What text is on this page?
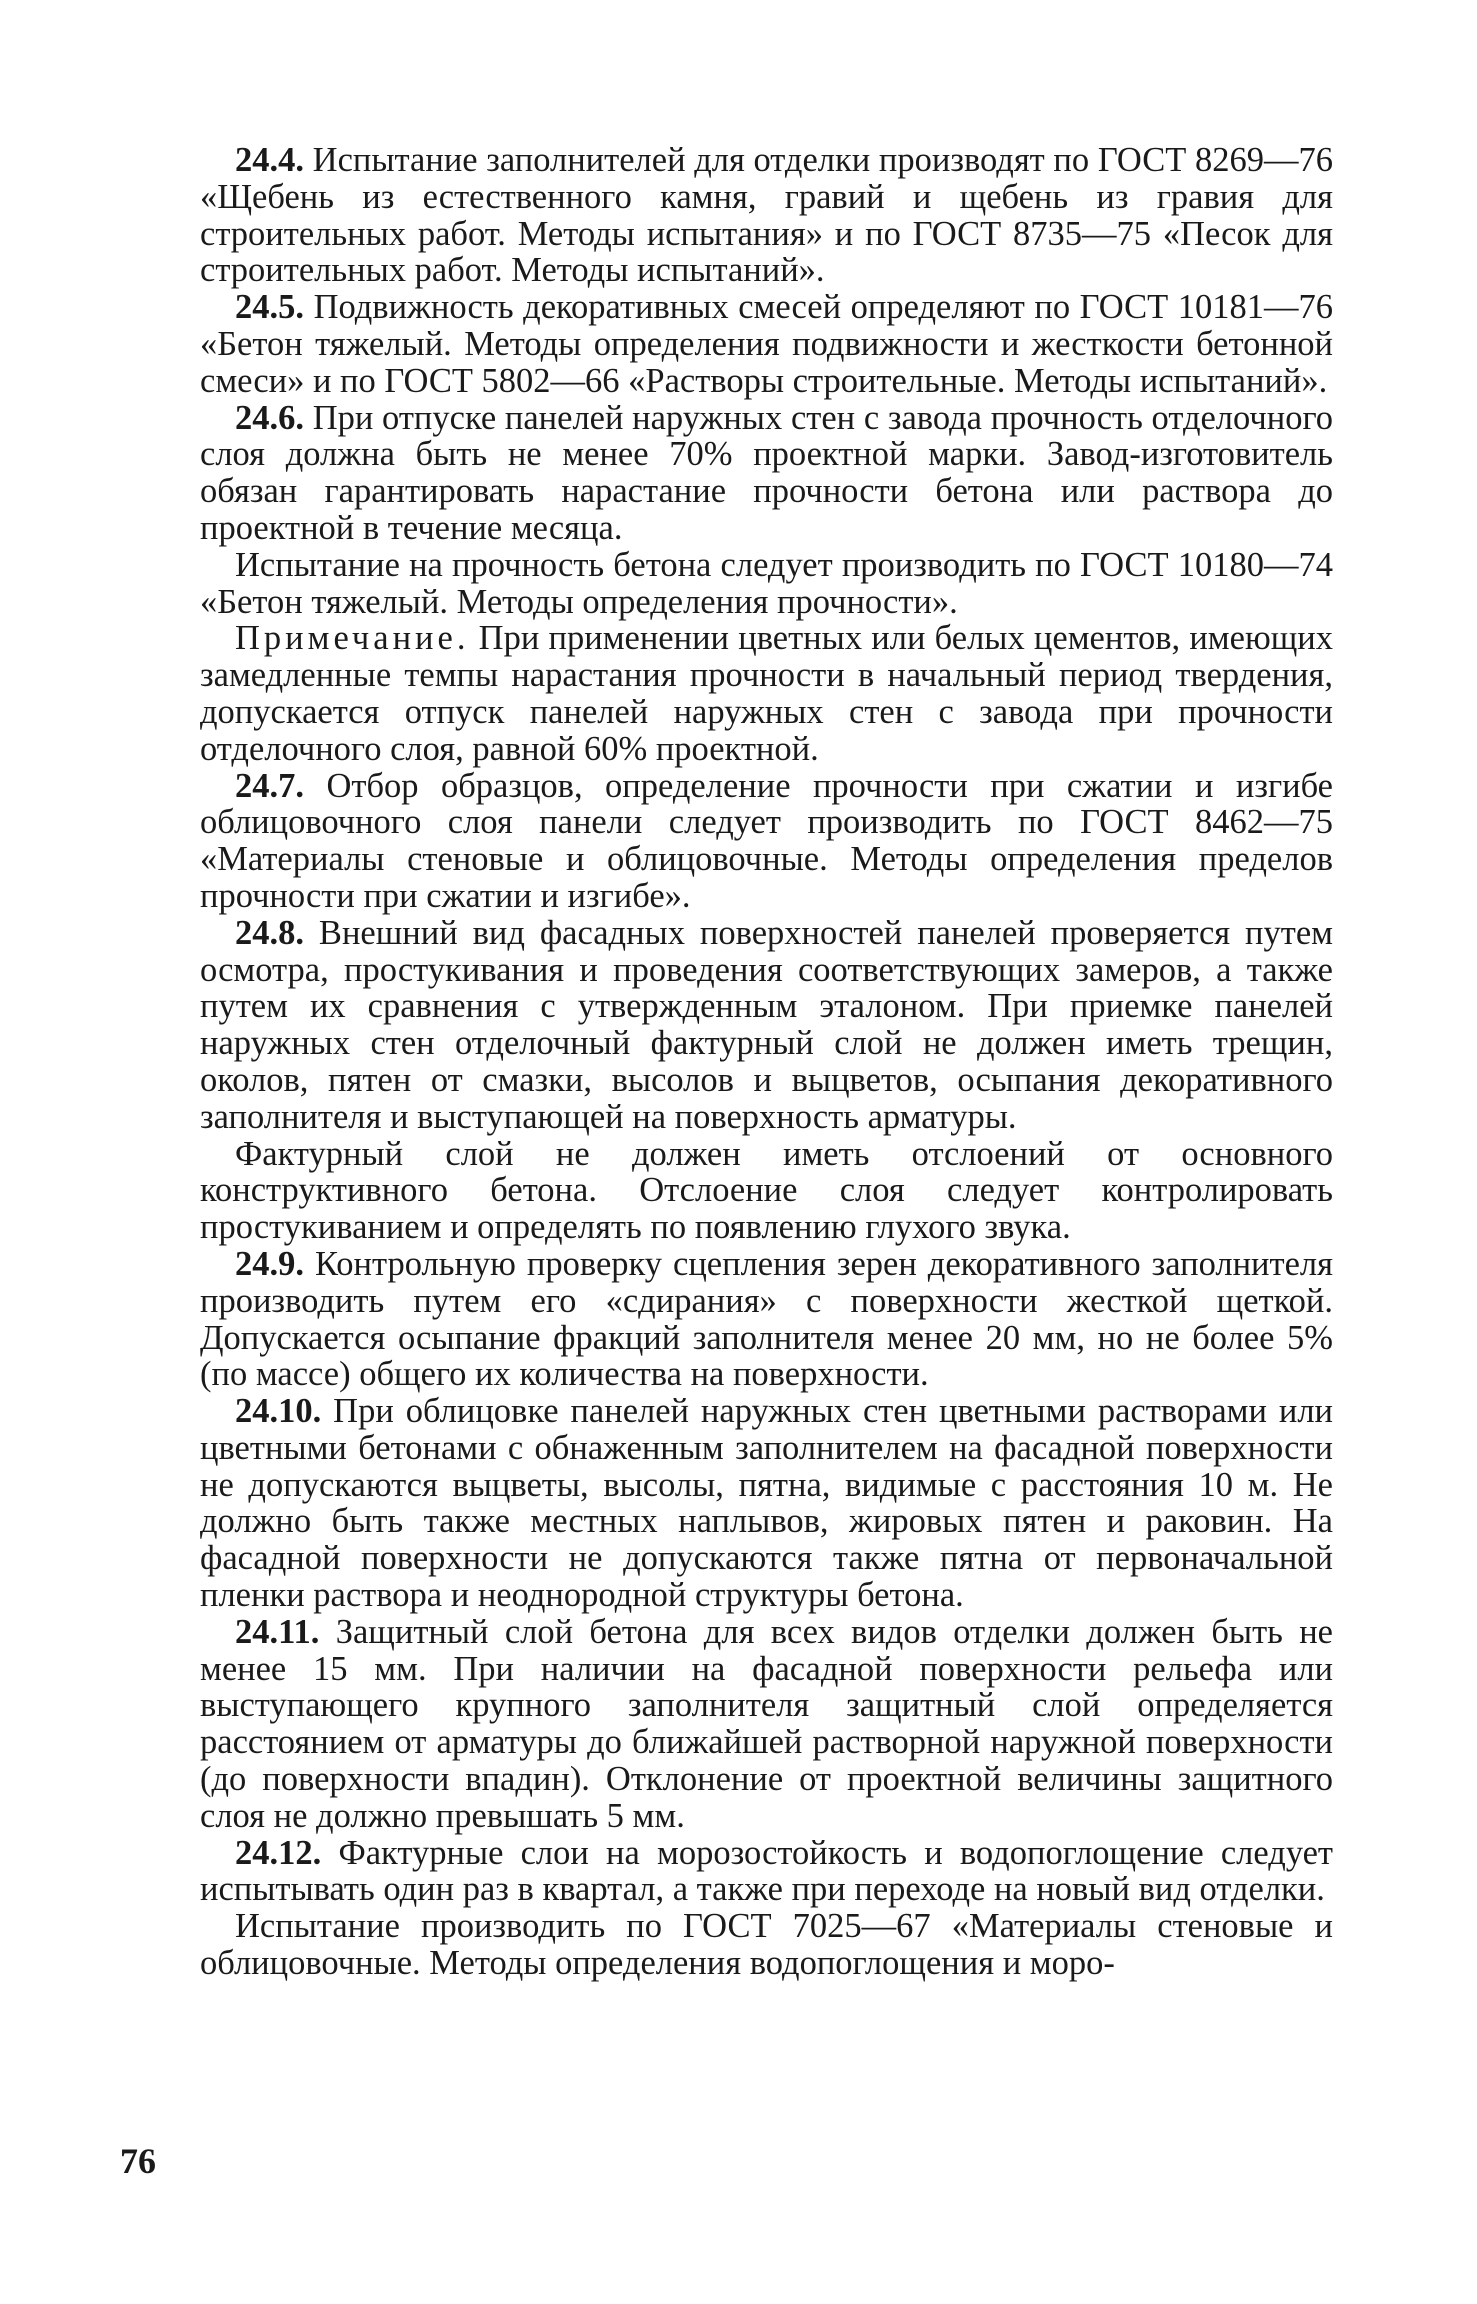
24.4. Испытание заполнителей для отделки производят по ГОСТ 8269—76 «Щебень из естественного камня, гравий и щебень из гравия для строительных работ. Методы испытания» и по ГОСТ 8735—75 «Песок для строительных работ. Методы испытаний».

24.5. Подвижность декоративных смесей определяют по ГОСТ 10181—76 «Бетон тяжелый. Методы определения подвижности и жесткости бетонной смеси» и по ГОСТ 5802—66 «Растворы строительные. Методы испытаний».

24.6. При отпуске панелей наружных стен с завода прочность отделочного слоя должна быть не менее 70% проектной марки. Завод-изготовитель обязан гарантировать нарастание прочности бетона или раствора до проектной в течение месяца.

Испытание на прочность бетона следует производить по ГОСТ 10180—74 «Бетон тяжелый. Методы определения прочности».

Примечание. При применении цветных или белых цементов, имеющих замедленные темпы нарастания прочности в начальный период твердения, допускается отпуск панелей наружных стен с завода при прочности отделочного слоя, равной 60% проектной.

24.7. Отбор образцов, определение прочности при сжатии и изгибе облицовочного слоя панели следует производить по ГОСТ 8462—75 «Материалы стеновые и облицовочные. Методы определения пределов прочности при сжатии и изгибе».

24.8. Внешний вид фасадных поверхностей панелей проверяется путем осмотра, простукивания и проведения соответствующих замеров, а также путем их сравнения с утвержденным эталоном. При приемке панелей наружных стен отделочный фактурный слой не должен иметь трещин, околов, пятен от смазки, высолов и выцветов, осыпания декоративного заполнителя и выступающей на поверхность арматуры.

Фактурный слой не должен иметь отслоений от основного конструктивного бетона. Отслоение слоя следует контролировать простукиванием и определять по появлению глухого звука.

24.9. Контрольную проверку сцепления зерен декоративного заполнителя производить путем его «сдирания» с поверхности жесткой щеткой. Допускается осыпание фракций заполнителя менее 20 мм, но не более 5% (по массе) общего их количества на поверхности.

24.10. При облицовке панелей наружных стен цветными растворами или цветными бетонами с обнаженным заполнителем на фасадной поверхности не допускаются выцветы, высолы, пятна, видимые с расстояния 10 м. Не должно быть также местных наплывов, жировых пятен и раковин. На фасадной поверхности не допускаются также пятна от первоначальной пленки раствора и неоднородной структуры бетона.

24.11. Защитный слой бетона для всех видов отделки должен быть не менее 15 мм. При наличии на фасадной поверхности рельефа или выступающего крупного заполнителя защитный слой определяется расстоянием от арматуры до ближайшей растворной наружной поверхности (до поверхности впадин). Отклонение от проектной величины защитного слоя не должно превышать 5 мм.

24.12. Фактурные слои на морозостойкость и водопоглощение следует испытывать один раз в квартал, а также при переходе на новый вид отделки.

Испытание производить по ГОСТ 7025—67 «Материалы стеновые и облицовочные. Методы определения водопоглощения и моро-

76
